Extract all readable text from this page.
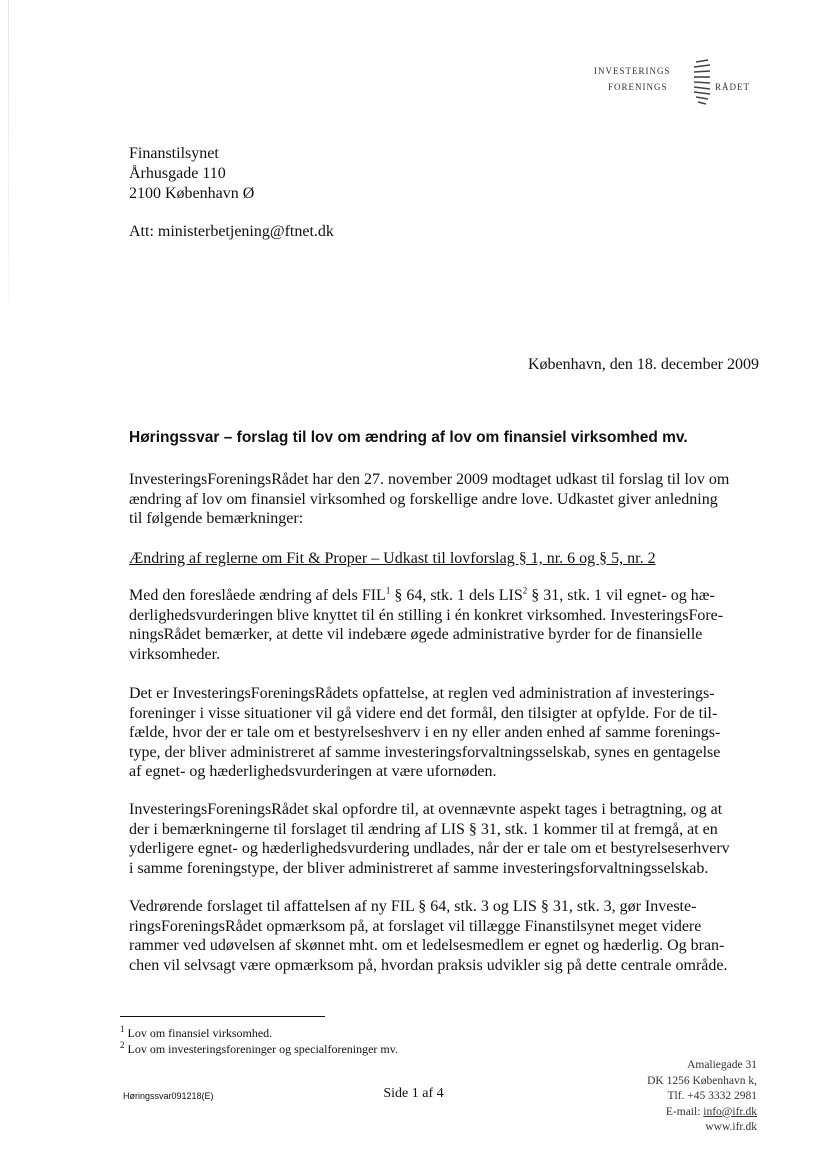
investerings
forenings	rådet
Finanstilsynet
Århusgade 110
2100 København Ø
Att: ministerbetjening@ftnet.dk
København, den 18. december 2009
Høringssvar – forslag til lov om ændring af lov om finansiel virksomhed mv.
InvesteringsForeningsRådet har den 27. november 2009 modtaget udkast til forslag til lov om
ændring af lov om finansiel virksomhed og forskellige andre love. Udkastet giver anledning
til følgende bemærkninger:
Ændring af reglerne om Fit & Proper – Udkast til lovforslag § 1, nr. 6 og § 5, nr. 2
Med den foreslåede ændring af dels FIL$^1$ § 64, stk. 1 dels LIS$^2$ § 31, stk. 1 vil egnet- og hæ-
derlighedsvurderingen blive knyttet til én stilling i én konkret virksomhed. InvesteringsFore-
ningsRådet bemærker, at dette vil indebære øgede administrative byrder for de finansielle
virksomheder.
Det er InvesteringsForeningsRådets opfattelse, at reglen ved administration af investerings-
foreninger i visse situationer vil gå videre end det formål, den tilsigter at opfylde. For de til-
fælde, hvor der er tale om et bestyrelseshverv i en ny eller anden enhed af samme forenings-
type, der bliver administreret af samme investeringsforvaltningsselskab, synes en gentagelse
af egnet- og hæderlighedsvurderingen at være ufornøden.
InvesteringsForeningsRådet skal opfordre til, at ovennævnte aspekt tages i betragtning, og at
der i bemærkningerne til forslaget til ændring af LIS § 31, stk. 1 kommer til at fremgå, at en
yderligere egnet- og hæderlighedsvurdering undlades, når der er tale om et bestyrelseserhverv
i samme foreningstype, der bliver administreret af samme investeringsforvaltningsselskab.
Vedrørende forslaget til affattelsen af ny FIL § 64, stk. 3 og LIS § 31, stk. 3, gør Investe-
ringsForeningsRådet opmærksom på, at forslaget vil tillægge Finanstilsynet meget videre
rammer ved udøvelsen af skønnet mht. om et ledelsesmedlem er egnet og hæderlig. Og bran-
chen vil selvsagt være opmærksom på, hvordan praksis udvikler sig på dette centrale område.
$^1$ Lov om finansiel virksomhed.
$^2$ Lov om investeringsforeninger og specialforeninger mv.
Høringssvar091218(E)	Side 1 af 4
Amaliegade 31
DK 1256 København k,
Tlf. +45 3332 2981
E-mail: info@ifr.dk
www.ifr.dk
